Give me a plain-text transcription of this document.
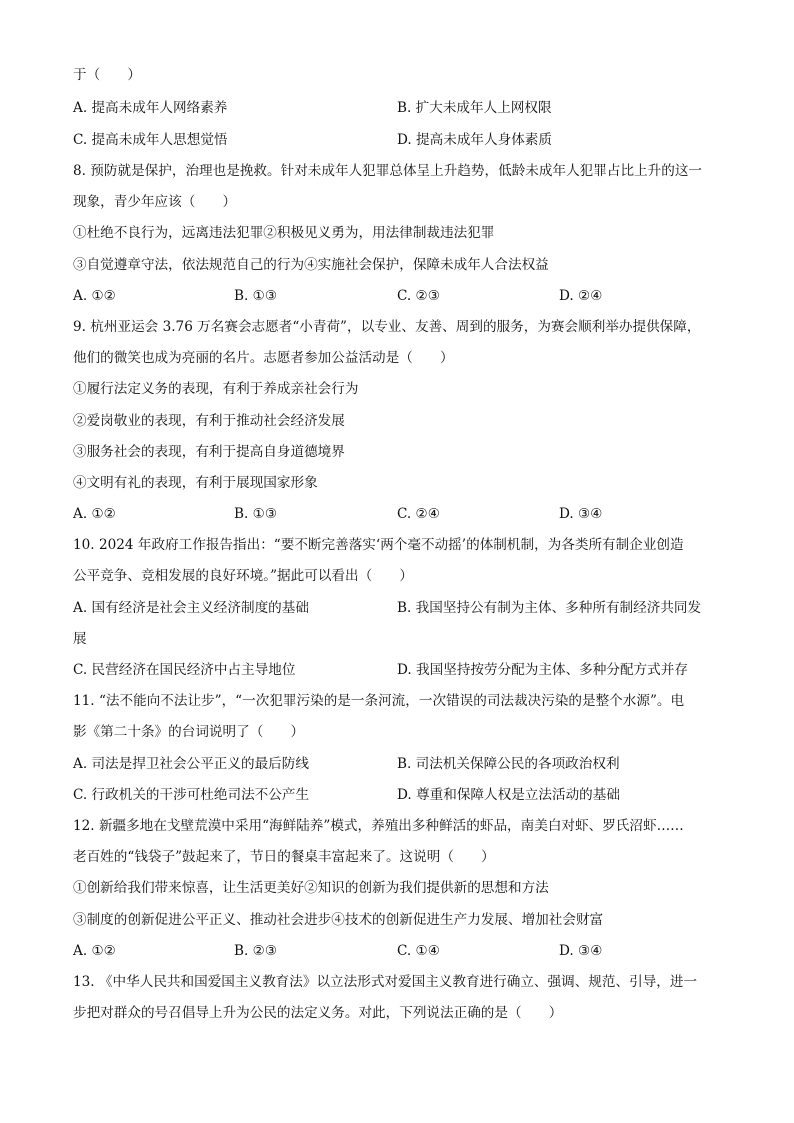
于（　　）
A. 提高未成年人网络素养	B. 扩大未成年人上网权限
C. 提高未成年人思想觉悟	D. 提高未成年人身体素质
8. 预防就是保护，治理也是挽救。针对未成年人犯罪总体呈上升趋势，低龄未成年人犯罪占比上升的这一
现象，青少年应该（　　）
①杜绝不良行为，远离违法犯罪②积极见义勇为，用法律制裁违法犯罪
③自觉遵章守法，依法规范自己的行为④实施社会保护，保障未成年人合法权益
A. ①②	B. ①③	C. ②③	D. ②④
9. 杭州亚运会 3.76 万名赛会志愿者“小青荷”，以专业、友善、周到的服务，为赛会顺利举办提供保障，
他们的微笑也成为亮丽的名片。志愿者参加公益活动是（　　）
①履行法定义务的表现，有利于养成亲社会行为
②爱岗敬业的表现，有利于推动社会经济发展
③服务社会的表现，有利于提高自身道德境界
④文明有礼的表现，有利于展现国家形象
A. ①②	B. ①③	C. ②④	D. ③④
10. 2024 年政府工作报告指出：“要不断完善落实‘两个毫不动摇’的体制机制，为各类所有制企业创造
公平竞争、竞相发展的良好环境。”据此可以看出（　　）
A. 国有经济是社会主义经济制度的基础	B. 我国坚持公有制为主体、多种所有制经济共同发
展
C. 民营经济在国民经济中占主导地位	D. 我国坚持按劳分配为主体、多种分配方式并存
11. “法不能向不法让步”，“一次犯罪污染的是一条河流，一次错误的司法裁决污染的是整个水源”。电
影《第二十条》的台词说明了（　　）
A. 司法是捍卫社会公平正义的最后防线	B. 司法机关保障公民的各项政治权利
C. 行政机关的干涉可杜绝司法不公产生	D. 尊重和保障人权是立法活动的基础
12. 新疆多地在戈壁荒漠中采用“海鲜陆养”模式，养殖出多种鲜活的虾品，南美白对虾、罗氏沼虾……
老百姓的“钱袋子”鼓起来了，节日的餐桌丰富起来了。这说明（　　）
①创新给我们带来惊喜，让生活更美好②知识的创新为我们提供新的思想和方法
③制度的创新促进公平正义、推动社会进步④技术的创新促进生产力发展、增加社会财富
A. ①②	B. ②③	C. ①④	D. ③④
13. 《中华人民共和国爱国主义教育法》以立法形式对爱国主义教育进行确立、强调、规范、引导，进一
步把对群众的号召倡导上升为公民的法定义务。对此，下列说法正确的是（　　）
